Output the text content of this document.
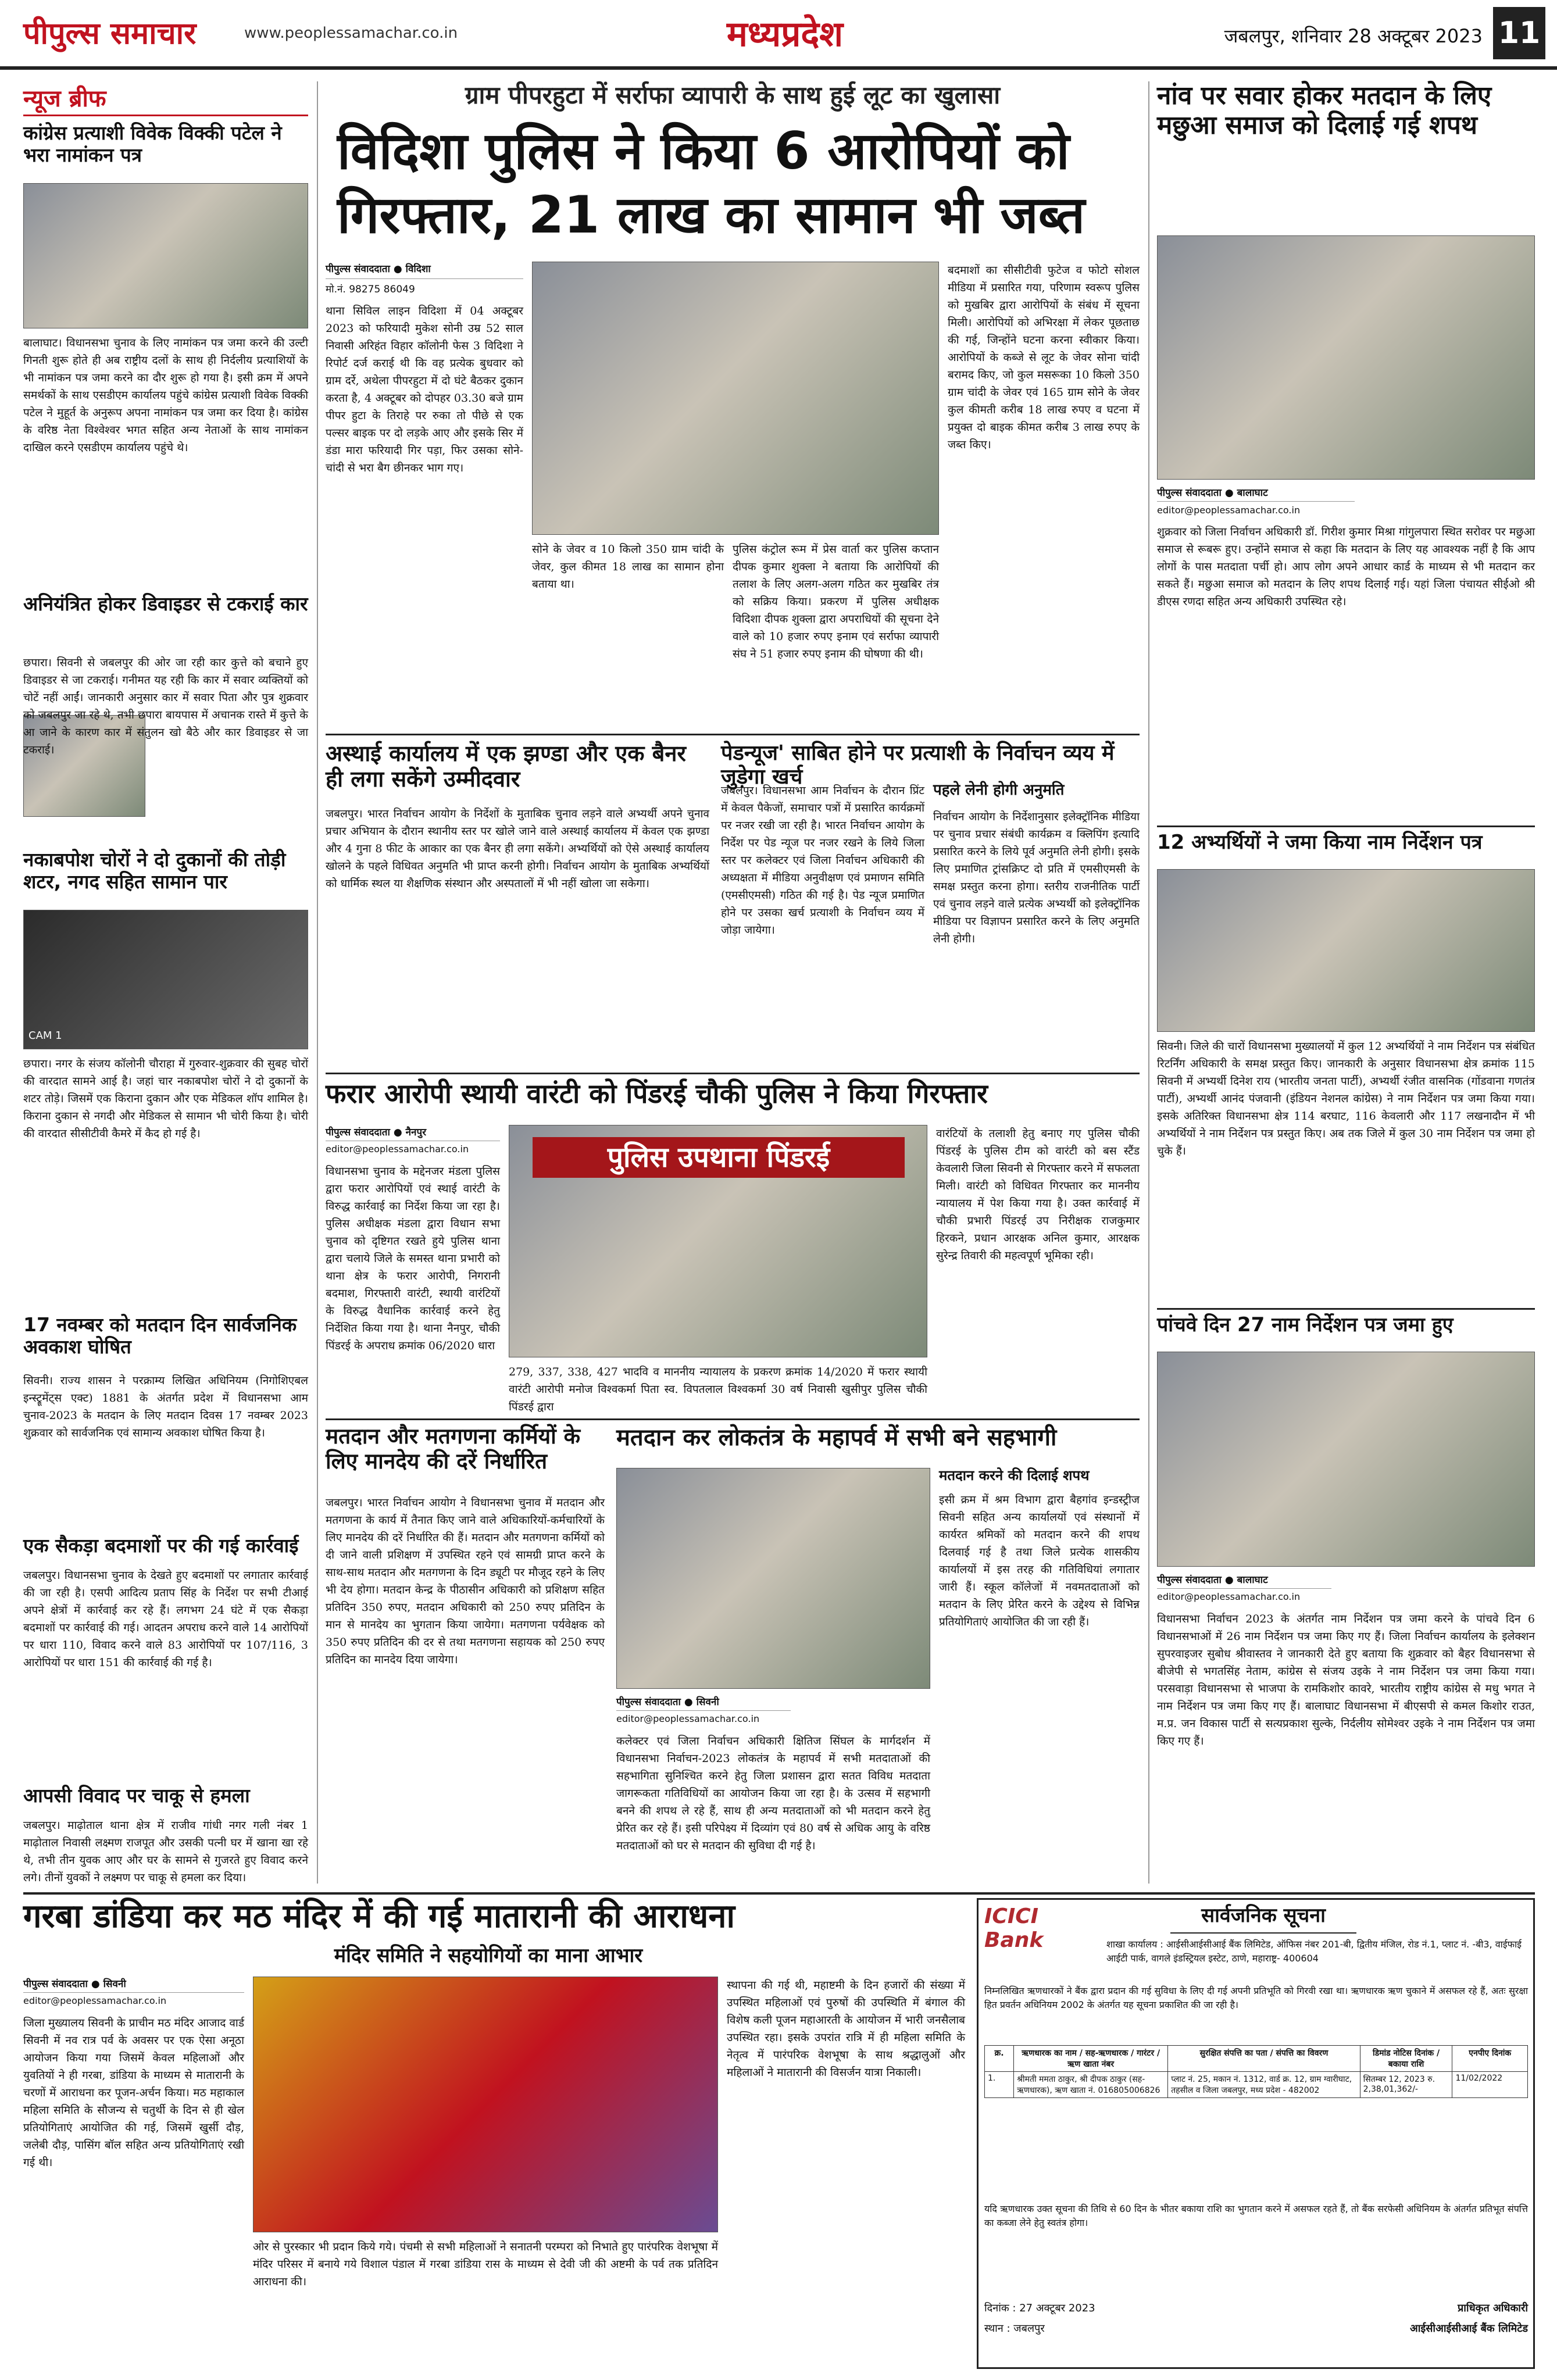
पीपुल्स समाचार	www.peoplessamachar.co.in	मध्यप्रदेश	जबलपुर, शनिवार 28 अक्टूबर 2023 11
न्यूज ब्रीफ
कांग्रेस प्रत्याशी विवेक विक्की पटेल ने भरा नामांकन पत्र
बालाघाट। विधानसभा चुनाव के लिए नामांकन पत्र जमा करने की उल्टी गिनती शुरू होते ही अब राष्ट्रीय दलों के साथ ही निर्दलीय प्रत्याशियों के भी नामांकन पत्र जमा करने का दौर शुरू हो गया है। इसी क्रम में अपने समर्थकों के साथ एसडीएम कार्यालय पहुंचे कांग्रेस प्रत्याशी विवेक विक्की पटेल ने मुहूर्त के अनुरूप अपना नामांकन पत्र जमा कर दिया है। कांग्रेस के वरिष्ठ नेता विश्वेश्वर भगत सहित अन्य नेताओं के साथ नामांकन दाखिल करने एसडीएम कार्यालय पहुंचे थे।
अनियंत्रित होकर डिवाइडर से टकराई कार
छपारा। सिवनी से जबलपुर की ओर जा रही कार कुत्ते को बचाने हुए डिवाइडर से जा टकराई। गनीमत यह रही कि कार में सवार व्यक्तियों को चोटें नहीं आईं। जानकारी अनुसार कार में सवार पिता और पुत्र शुक्रवार को जबलपुर जा रहे थे, तभी छपारा बायपास में अचानक रास्ते में कुत्ते के आ जाने के कारण कार में संतुलन खो बैठे और कार डिवाइडर से जा टकराई।
नकाबपोश चोरों ने दो दुकानों की तोड़ी शटर, नगद सहित सामान पार
CAM 1
छपारा। नगर के संजय कॉलोनी चौराहा में गुरुवार-शुक्रवार की सुबह चोरों की वारदात सामने आई है। जहां चार नकाबपोश चोरों ने दो दुकानों के शटर तोड़े। जिसमें एक किराना दुकान और एक मेडिकल शॉप शामिल है। किराना दुकान से नगदी और मेडिकल से सामान भी चोरी किया है। चोरी की वारदात सीसीटीवी कैमरे में कैद हो गई है।
17 नवम्बर को मतदान दिन सार्वजनिक अवकाश घोषित
सिवनी। राज्य शासन ने परक्राम्य लिखित अधिनियम (निगोशिएबल इन्स्ट्रूमेंट्स एक्ट) 1881 के अंतर्गत प्रदेश में विधानसभा आम चुनाव-2023 के मतदान के लिए मतदान दिवस 17 नवम्बर 2023 शुक्रवार को सार्वजनिक एवं सामान्य अवकाश घोषित किया है।
एक सैकड़ा बदमाशों पर की गई कार्रवाई
जबलपुर। विधानसभा चुनाव के देखते हुए बदमाशों पर लगातार कार्रवाई की जा रही है। एसपी आदित्य प्रताप सिंह के निर्देश पर सभी टीआई अपने क्षेत्रों में कार्रवाई कर रहे हैं। लगभग 24 घंटे में एक सैकड़ा बदमाशों पर कार्रवाई की गई। आदतन अपराध करने वाले 14 आरोपियों पर धारा 110, विवाद करने वाले 83 आरोपियों पर 107/116, 3 आरोपियों पर धारा 151 की कार्रवाई की गई है।
आपसी विवाद पर चाकू से हमला
जबलपुर। माढ़ोताल थाना क्षेत्र में राजीव गांधी नगर गली नंबर 1 माढ़ोताल निवासी लक्ष्मण राजपूत और उसकी पत्नी घर में खाना खा रहे थे, तभी तीन युवक आए और घर के सामने से गुजरते हुए विवाद करने लगे। तीनों युवकों ने लक्ष्मण पर चाकू से हमला कर दिया।
ग्राम पीपरहुटा में सर्राफा व्यापारी के साथ हुई लूट का खुलासा
विदिशा पुलिस ने किया 6 आरोपियों को गिरफ्तार, 21 लाख का सामान भी जब्त
पीपुल्स संवाददाता ● विदिशा
मो.नं. 98275 86049
थाना सिविल लाइन विदिशा में 04 अक्टूबर 2023 को फरियादी मुकेश सोनी उम्र 52 साल निवासी अरिहंत विहार कॉलोनी फेस 3 विदिशा ने रिपोर्ट दर्ज कराई थी कि वह प्रत्येक बुधवार को ग्राम दर्रे, अथेला पीपरहुटा में दो घंटे बैठकर दुकान करता है, 4 अक्टूबर को दोपहर 03.30 बजे ग्राम पीपर हुटा के तिराहे पर रुका तो पीछे से एक पल्सर बाइक पर दो लड़के आए और इसके सिर में डंडा मारा फरियादी गिर पड़ा, फिर उसका सोने-चांदी से भरा बैग छीनकर भाग गए।
सोने के जेवर व 10 किलो 350 ग्राम चांदी के जेवर, कुल कीमत 18 लाख का सामान होना बताया था।
पुलिस कंट्रोल रूम में प्रेस वार्ता कर पुलिस कप्तान दीपक कुमार शुक्ला ने बताया कि आरोपियों की तलाश के लिए अलग-अलग गठित कर मुखबिर तंत्र को सक्रिय किया। प्रकरण में पुलिस अधीक्षक विदिशा दीपक शुक्ला द्वारा अपराधियों की सूचना देने वाले को 10 हजार रुपए इनाम एवं सर्राफा व्यापारी संघ ने 51 हजार रुपए इनाम की घोषणा की थी।
बदमाशों का सीसीटीवी फुटेज व फोटो सोशल मीडिया में प्रसारित गया, परिणाम स्वरूप पुलिस को मुखबिर द्वारा आरोपियों के संबंध में सूचना मिली। आरोपियों को अभिरक्षा में लेकर पूछताछ की गई, जिन्होंने घटना करना स्वीकार किया। आरोपियों के कब्जे से लूट के जेवर सोना चांदी बरामद किए, जो कुल मसरूका 10 किलो 350 ग्राम चांदी के जेवर एवं 165 ग्राम सोने के जेवर कुल कीमती करीब 18 लाख रुपए व घटना में प्रयुक्त दो बाइक कीमत करीब 3 लाख रुपए के जब्त किए।
नांव पर सवार होकर मतदान के लिए मछुआ समाज को दिलाई गई शपथ
पीपुल्स संवाददाता ● बालाघाट
editor@peoplessamachar.co.in
शुक्रवार को जिला निर्वाचन अधिकारी डॉ. गिरीश कुमार मिश्रा गांगुलपारा स्थित सरोवर पर मछुआ समाज से रूबरू हुए। उन्होंने समाज से कहा कि मतदान के लिए यह आवश्यक नहीं है कि आप लोगों के पास मतदाता पर्ची हो। आप लोग अपने आधार कार्ड के माध्यम से भी मतदान कर सकते हैं। मछुआ समाज को मतदान के लिए शपथ दिलाई गई। यहां जिला पंचायत सीईओ श्री डीएस रणदा सहित अन्य अधिकारी उपस्थित रहे।
अस्थाई कार्यालय में एक झण्डा और एक बैनर ही लगा सकेंगे उम्मीदवार
जबलपुर। भारत निर्वाचन आयोग के निर्देशों के मुताबिक चुनाव लड़ने वाले अभ्यर्थी अपने चुनाव प्रचार अभियान के दौरान स्थानीय स्तर पर खोले जाने वाले अस्थाई कार्यालय में केवल एक झण्डा और 4 गुना 8 फीट के आकार का एक बैनर ही लगा सकेंगे। अभ्यर्थियों को ऐसे अस्थाई कार्यालय खोलने के पहले विधिवत अनुमति भी प्राप्त करनी होगी। निर्वाचन आयोग के मुताबिक अभ्यर्थियों को धार्मिक स्थल या शैक्षणिक संस्थान और अस्पतालों में भी नहीं खोला जा सकेगा।
पेडन्यूज' साबित होने पर प्रत्याशी के निर्वाचन व्यय में जुड़ेगा खर्च
जबलपुर। विधानसभा आम निर्वाचन के दौरान प्रिंट में केवल पैकेजों, समाचार पत्रों में प्रसारित कार्यक्रमों पर नजर रखी जा रही है। भारत निर्वाचन आयोग के निर्देश पर पेड न्यूज पर नजर रखने के लिये जिला स्तर पर कलेक्टर एवं जिला निर्वाचन अधिकारी की अध्यक्षता में मीडिया अनुवीक्षण एवं प्रमाणन समिति (एमसीएमसी) गठित की गई है। पेड न्यूज प्रमाणित होने पर उसका खर्च प्रत्याशी के निर्वाचन व्यय में जोड़ा जायेगा।
पहले लेनी होगी अनुमति
निर्वाचन आयोग के निर्देशानुसार इलेक्ट्रॉनिक मीडिया पर चुनाव प्रचार संबंधी कार्यक्रम व क्लिपिंग इत्यादि प्रसारित करने के लिये पूर्व अनुमति लेनी होगी। इसके लिए प्रमाणित ट्रांसक्रिप्ट दो प्रति में एमसीएमसी के समक्ष प्रस्तुत करना होगा। स्तरीय राजनीतिक पार्टी एवं चुनाव लड़ने वाले प्रत्येक अभ्यर्थी को इलेक्ट्रॉनिक मीडिया पर विज्ञापन प्रसारित करने के लिए अनुमति लेनी होगी।
12 अभ्यर्थियों ने जमा किया नाम निर्देशन पत्र
सिवनी। जिले की चारों विधानसभा मुख्यालयों में कुल 12 अभ्यर्थियों ने नाम निर्देशन पत्र संबंधित रिटर्निंग अधिकारी के समक्ष प्रस्तुत किए। जानकारी के अनुसार विधानसभा क्षेत्र क्रमांक 115 सिवनी में अभ्यर्थी दिनेश राय (भारतीय जनता पार्टी), अभ्यर्थी रंजीत वासनिक (गोंडवाना गणतंत्र पार्टी), अभ्यर्थी आनंद पंजवानी (इंडियन नेशनल कांग्रेस) ने नाम निर्देशन पत्र जमा किया गया। इसके अतिरिक्त विधानसभा क्षेत्र 114 बरघाट, 116 केवलारी और 117 लखनादौन में भी अभ्यर्थियों ने नाम निर्देशन पत्र प्रस्तुत किए। अब तक जिले में कुल 30 नाम निर्देशन पत्र जमा हो चुके हैं।
फरार आरोपी स्थायी वारंटी को पिंडरई चौकी पुलिस ने किया गिरफ्तार
पीपुल्स संवाददाता ● नैनपुर
editor@peoplessamachar.co.in
विधानसभा चुनाव के मद्देनजर मंडला पुलिस द्वारा फरार आरोपियों एवं स्थाई वारंटी के विरुद्ध कार्रवाई का निर्देश किया जा रहा है। पुलिस अधीक्षक मंडला द्वारा विधान सभा चुनाव को दृष्टिगत रखते हुये पुलिस थाना द्वारा चलाये जिले के समस्त थाना प्रभारी को थाना क्षेत्र के फरार आरोपी, निगरानी बदमाश, गिरफ्तारी वारंटी, स्थायी वारंटियों के विरुद्ध वैधानिक कार्रवाई करने हेतु निर्देशित किया गया है। थाना नैनपुर, चौकी पिंडरई के अपराध क्रमांक 06/2020 धारा
पुलिस उपथाना पिंडरई
279, 337, 338, 427 भादवि व माननीय न्यायालय के प्रकरण क्रमांक 14/2020 में फरार स्थायी वारंटी आरोपी मनोज विश्वकर्मा पिता स्व. विपतलाल विश्वकर्मा 30 वर्ष निवासी खुसीपुर पुलिस चौकी पिंडरई द्वारा
वारंटियों के तलाशी हेतु बनाए गए पुलिस चौकी पिंडरई के पुलिस टीम को वारंटी को बस स्टैंड केवलारी जिला सिवनी से गिरफ्तार करने में सफलता मिली। वारंटी को विधिवत गिरफ्तार कर माननीय न्यायालय में पेश किया गया है। उक्त कार्रवाई में चौकी प्रभारी पिंडरई उप निरीक्षक राजकुमार हिरकने, प्रधान आरक्षक अनिल कुमार, आरक्षक सुरेन्द्र तिवारी की महत्वपूर्ण भूमिका रही।
पांचवे दिन 27 नाम निर्देशन पत्र जमा हुए
पीपुल्स संवाददाता ● बालाघाट
editor@peoplessamachar.co.in
विधानसभा निर्वाचन 2023 के अंतर्गत नाम निर्देशन पत्र जमा करने के पांचवे दिन 6 विधानसभाओं में 26 नाम निर्देशन पत्र जमा किए गए हैं। जिला निर्वाचन कार्यालय के इलेक्शन सुपरवाइजर सुबोध श्रीवास्तव ने जानकारी देते हुए बताया कि शुक्रवार को बैहर विधानसभा से बीजेपी से भगतसिंह नेताम, कांग्रेस से संजय उइके ने नाम निर्देशन पत्र जमा किया गया। परसवाड़ा विधानसभा से भाजपा के रामकिशोर कावरे, भारतीय राष्ट्रीय कांग्रेस से मधु भगत ने नाम निर्देशन पत्र जमा किए गए हैं। बालाघाट विधानसभा में बीएसपी से कमल किशोर राउत, म.प्र. जन विकास पार्टी से सत्यप्रकाश सुल्के, निर्दलीय सोमेश्वर उइके ने नाम निर्देशन पत्र जमा किए गए हैं।
मतदान और मतगणना कर्मियों के लिए मानदेय की दरें निर्धारित
जबलपुर। भारत निर्वाचन आयोग ने विधानसभा चुनाव में मतदान और मतगणना के कार्य में तैनात किए जाने वाले अधिकारियों-कर्मचारियों के लिए मानदेय की दरें निर्धारित की हैं। मतदान और मतगणना कर्मियों को दी जाने वाली प्रशिक्षण में उपस्थित रहने एवं सामग्री प्राप्त करने के साथ-साथ मतदान और मतगणना के दिन ड्यूटी पर मौजूद रहने के लिए भी देय होगा। मतदान केन्द्र के पीठासीन अधिकारी को प्रशिक्षण सहित प्रतिदिन 350 रुपए, मतदान अधिकारी को 250 रुपए प्रतिदिन के मान से मानदेय का भुगतान किया जायेगा। मतगणना पर्यवेक्षक को 350 रुपए प्रतिदिन की दर से तथा मतगणना सहायक को 250 रुपए प्रतिदिन का मानदेय दिया जायेगा।
मतदान कर लोकतंत्र के महापर्व में सभी बने सहभागी
पीपुल्स संवाददाता ● सिवनी
editor@peoplessamachar.co.in
कलेक्टर एवं जिला निर्वाचन अधिकारी क्षितिज सिंघल के मार्गदर्शन में विधानसभा निर्वाचन-2023 लोकतंत्र के महापर्व में सभी मतदाताओं की सहभागिता सुनिश्चित करने हेतु जिला प्रशासन द्वारा सतत विविध मतदाता जागरूकता गतिविधियों का आयोजन किया जा रहा है। के उत्सव में सहभागी बनने की शपथ ले रहे हैं, साथ ही अन्य मतदाताओं को भी मतदान करने हेतु प्रेरित कर रहे हैं। इसी परिपेक्ष्य में दिव्यांग एवं 80 वर्ष से अधिक आयु के वरिष्ठ मतदाताओं को घर से मतदान की सुविधा दी गई है।
मतदान करने की दिलाई शपथ
इसी क्रम में श्रम विभाग द्वारा बैहगांव इन्डस्ट्रीज सिवनी सहित अन्य कार्यालयों एवं संस्थानों में कार्यरत श्रमिकों को मतदान करने की शपथ दिलवाई गई है तथा जिले प्रत्येक शासकीय कार्यालयों में इस तरह की गतिविधियां लगातार जारी हैं। स्कूल कॉलेजों में नवमतदाताओं को मतदान के लिए प्रेरित करने के उद्देश्य से विभिन्न प्रतियोगिताएं आयोजित की जा रही हैं।
गरबा डांडिया कर मठ मंदिर में की गई मातारानी की आराधना
मंदिर समिति ने सहयोगियों का माना आभार
पीपुल्स संवाददाता ● सिवनी
editor@peoplessamachar.co.in
जिला मुख्यालय सिवनी के प्राचीन मठ मंदिर आजाद वार्ड सिवनी में नव रात्र पर्व के अवसर पर एक ऐसा अनूठा आयोजन किया गया जिसमें केवल महिलाओं और युवतियों ने ही गरबा, डांडिया के माध्यम से मातारानी के चरणों में आराधना कर पूजन-अर्चन किया। मठ महाकाल महिला समिति के सौजन्य से चतुर्थी के दिन से ही खेल प्रतियोगिताएं आयोजित की गई, जिसमें खुर्सी दौड़, जलेबी दौड़, पासिंग बॉल सहित अन्य प्रतियोगिताएं रखी गई थी।
ओर से पुरस्कार भी प्रदान किये गये। पंचमी से सभी महिलाओं ने सनातनी परम्परा को निभाते हुए पारंपरिक वेशभूषा में मंदिर परिसर में बनाये गये विशाल पंडाल में गरबा डांडिया रास के माध्यम से देवी जी की अष्टमी के पर्व तक प्रतिदिन आराधना की।
स्थापना की गई थी, महाष्टमी के दिन हजारों की संख्या में उपस्थित महिलाओं एवं पुरुषों की उपस्थिति में बंगाल की विशेष कली पूजन महाआरती के आयोजन में भारी जनसैलाब उपस्थित रहा। इसके उपरांत रात्रि में ही महिला समिति के नेतृत्व में पारंपरिक वेशभूषा के साथ श्रद्धालुओं और महिलाओं ने मातारानी की विसर्जन यात्रा निकाली।
ICICI Bank
सार्वजनिक सूचना
शाखा कार्यालय : आईसीआईसीआई बैंक लिमिटेड, ऑफिस नंबर 201-बी, द्वितीय मंजिल, रोड नं.1, प्लाट नं. -बी3, वाईफाई आईटी पार्क, वागले इंडस्ट्रियल इस्टेट, ठाणे, महाराष्ट्र- 400604
निम्नलिखित ऋणधारकों ने बैंक द्वारा प्रदान की गई सुविधा के लिए दी गई अपनी प्रतिभूति को गिरवी रखा था। ऋणधारक ऋण चुकाने में असफल रहे हैं, अतः सुरक्षा हित प्रवर्तन अधिनियम 2002 के अंतर्गत यह सूचना प्रकाशित की जा रही है।
क्र.	ऋणधारक का नाम / सह-ऋणधारक / गारंटर / ऋण खाता नंबर	सुरक्षित संपत्ति का पता / संपत्ति का विवरण	डिमांड नोटिस दिनांक / बकाया राशि	एनपीए दिनांक
1.	श्रीमती ममता ठाकुर, श्री दीपक ठाकुर (सह-ऋणधारक), ऋण खाता नं. 016805006826	प्लाट नं. 25, मकान नं. 1312, वार्ड क्र. 12, ग्राम ग्वारीघाट, तहसील व जिला जबलपुर, मध्य प्रदेश - 482002	सितम्बर 12, 2023 रु. 2,38,01,362/-	11/02/2022
यदि ऋणधारक उक्त सूचना की तिथि से 60 दिन के भीतर बकाया राशि का भुगतान करने में असफल रहते हैं, तो बैंक सरफेसी अधिनियम के अंतर्गत प्रतिभूत संपत्ति का कब्जा लेने हेतु स्वतंत्र होगा।
दिनांक : 27 अक्टूबर 2023
स्थान : जबलपुर
प्राधिकृत अधिकारी
आईसीआईसीआई बैंक लिमिटेड
